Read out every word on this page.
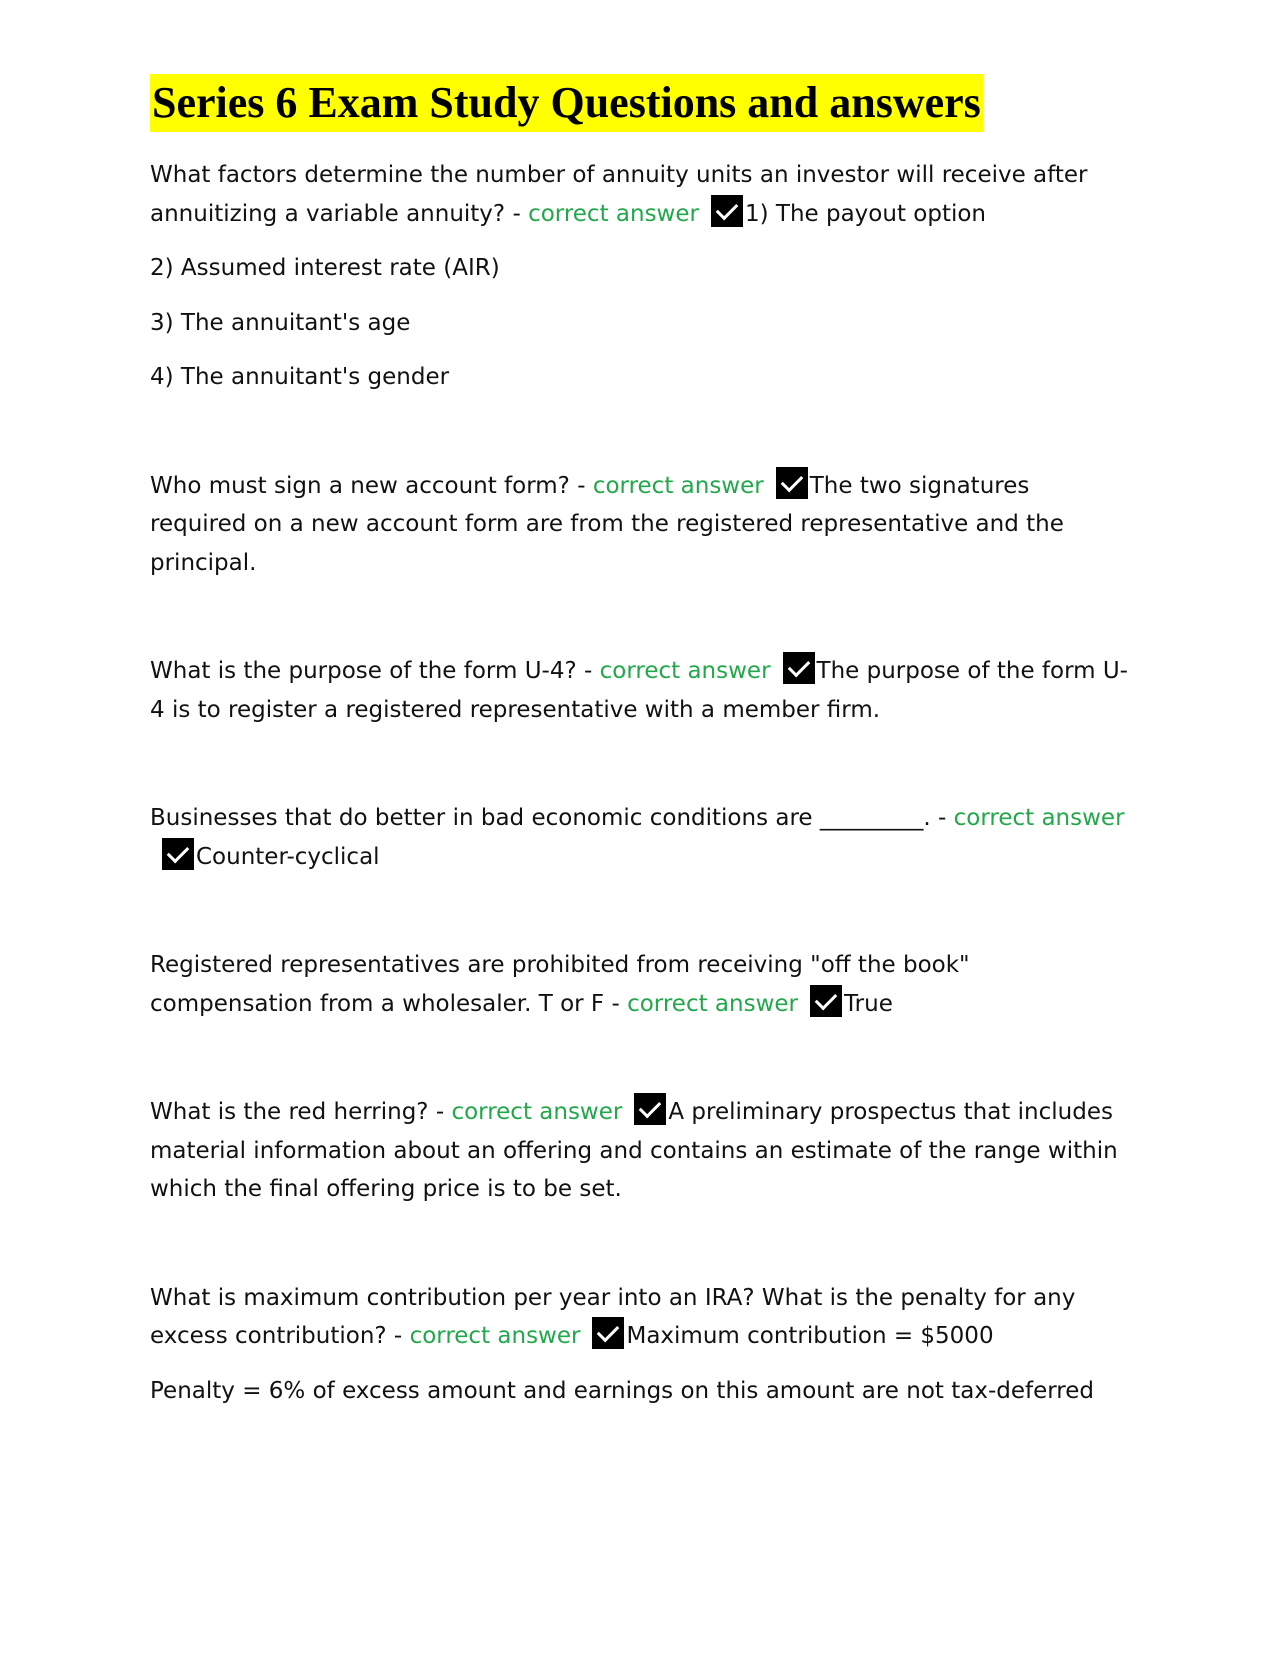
Series 6 Exam Study Questions and answers

What factors determine the number of annuity units an investor will receive after annuitizing a variable annuity? - correct answer 1) The payout option

2) Assumed interest rate (AIR)

3) The annuitant's age

4) The annuitant's gender

Who must sign a new account form? - correct answer The two signatures required on a new account form are from the registered representative and the principal.

What is the purpose of the form U-4? - correct answer The purpose of the form U-4 is to register a registered representative with a member firm.

Businesses that do better in bad economic conditions are _________. - correct answerCounter-cyclical

Registered representatives are prohibited from receiving "off the book" compensation from a wholesaler. T or F - correct answer True

What is the red herring? - correct answer A preliminary prospectus that includes material information about an offering and contains an estimate of the range within which the final offering price is to be set.

What is maximum contribution per year into an IRA? What is the penalty for any excess contribution? - correct answer Maximum contribution = $5000

Penalty = 6% of excess amount and earnings on this amount are not tax-deferred
